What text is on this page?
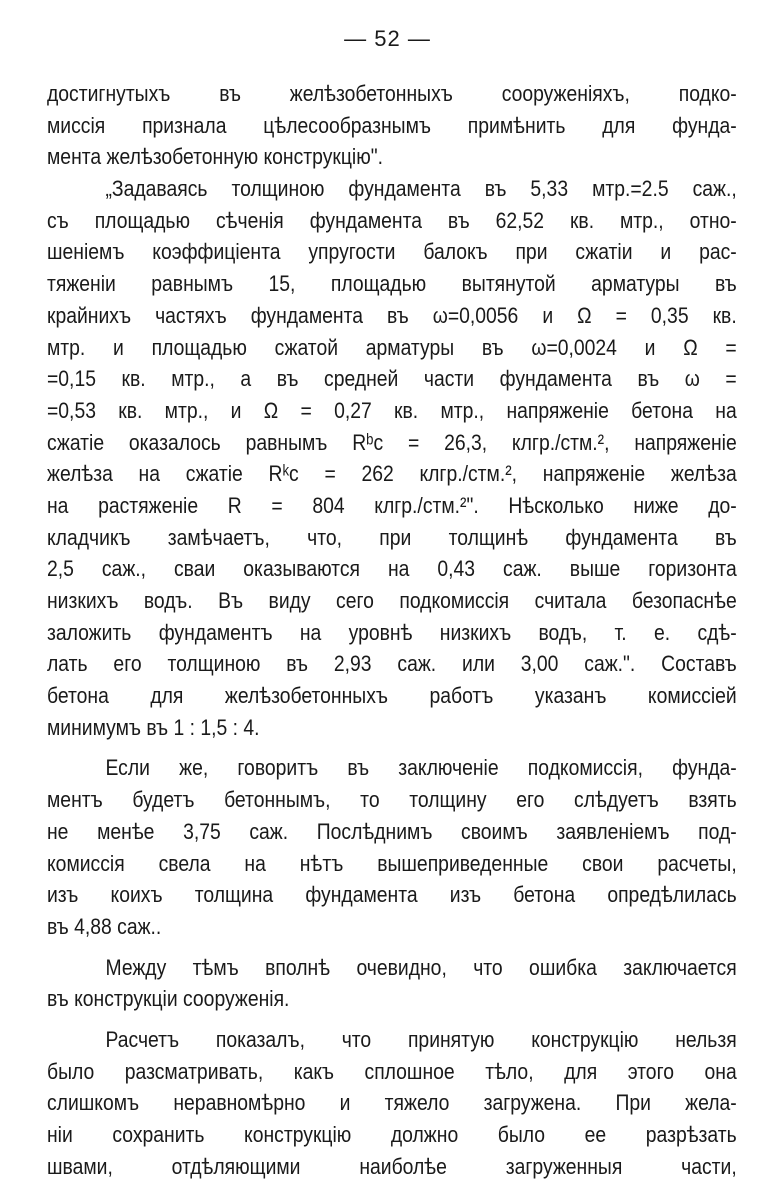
— 52 —
достигнутыхъ въ желѣзобетонныхъ сооруженіяхъ, подко-
миссія признала цѣлесообразнымъ примѣнить для фунда-
мента желѣзобетонную конструкцію".
„Задаваясь толщиною фундамента въ 5,33 мтр.=2.5 саж.,
съ площадью сѣченія фундамента въ 62,52 кв. мтр., отно-
шеніемъ коэффиціента упругости балокъ при сжатіи и рас-
тяженіи равнымъ 15, площадью вытянутой арматуры въ
крайнихъ частяхъ фундамента въ ω=0,0056 и Ω = 0,35 кв.
мтр. и площадью сжатой арматуры въ ω=0,0024 и Ω =
=0,15 кв. мтр., а въ средней части фундамента въ ω =
=0,53 кв. мтр., и Ω = 0,27 кв. мтр., напряженіе бетона на
сжатіе оказалось равнымъ Rᵇc = 26,3, клгр./стм.², напряженіе
желѣза на сжатіе Rᵏc = 262 клгр./стм.², напряженіе желѣза
на растяженіе R = 804 клгр./стм.²". Нѣсколько ниже до-
кладчикъ замѣчаетъ, что, при толщинѣ фундамента въ
2,5 саж., сваи оказываются на 0,43 саж. выше горизонта
низкихъ водъ. Въ виду сего подкомиссія считала безопаснѣе
заложить фундаментъ на уровнѣ низкихъ водъ, т. е. сдѣ-
лать его толщиною въ 2,93 саж. или 3,00 саж.". Составъ
бетона для желѣзобетонныхъ работъ указанъ комиссіей
минимумъ въ 1 : 1,5 : 4.
Если же, говоритъ въ заключеніе подкомиссія, фунда-
ментъ будетъ бетоннымъ, то толщину его слѣдуетъ взять
не менѣе 3,75 саж. Послѣднимъ своимъ заявленіемъ под-
комиссія свела на нѣтъ вышеприведенные свои расчеты,
изъ коихъ толщина фундамента изъ бетона опредѣлилась
въ 4,88 саж..
Между тѣмъ вполнѣ очевидно, что ошибка заключается
въ конструкціи сооруженія.
Расчетъ показалъ, что принятую конструкцію нельзя
было разсматривать, какъ сплошное тѣло, для этого она
слишкомъ неравномѣрно и тяжело загружена. При жела-
ніи сохранить конструкцію должно было ее разрѣзать
швами, отдѣляющими наиболѣе загруженныя части,
